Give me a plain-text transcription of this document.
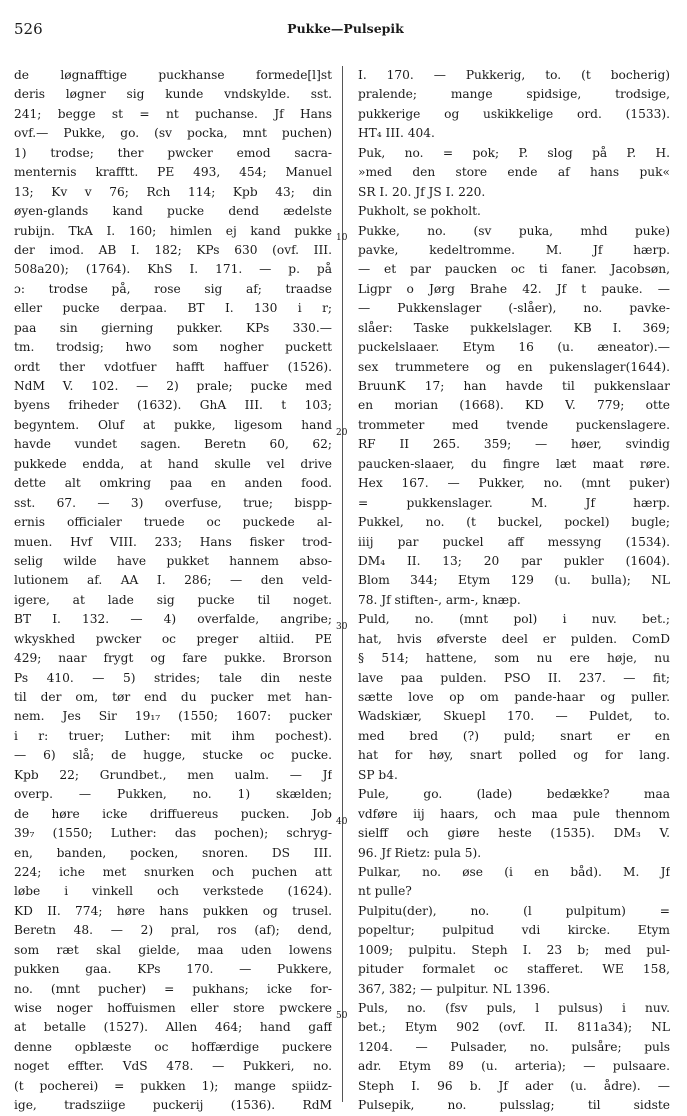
526	Pukke—Pulsepik
10
20
30
40
50
de løgnafftige puckhanse formede[l]st
deris løgner sig kunde vndskylde. sst.
241; begge st = nt puchanse. Jf Hans
ovf.— Pukke, go. (sv pocka, mnt puchen)
1) trodse; ther pwcker emod sacra-
menternis krafftt. PE 493, 454; Manuel
13; Kv v 76; Rch 114; Kpb 43; din
øyen-glands kand pucke dend ædelste
rubijn. TkA I. 160; himlen ej kand pukke
der imod. AB I. 182; KPs 630 (ovf. III.
508a20); (1764). KhS I. 171. — p. på
ɔ: trodse på, rose sig af; traadse
eller pucke derpaa. BT I. 130 i r;
paa sin gierning pukker. KPs 330.—
tm. trodsig; hwo som nogher puckett
ordt ther vdotfuer hafft haffuer (1526).
NdM V. 102. — 2) prale; pucke med
byens friheder (1632). GhA III. t 103;
begyntem. Oluf at pukke, ligesom hand
havde vundet sagen. Beretn 60, 62;
pukkede endda, at hand skulle vel drive
dette alt omkring paa en anden food.
sst. 67. — 3) overfuse, true; bispp-
ernis officialer truede oc puckede al-
muen. Hvf VIII. 233; Hans fisker trod-
selig wilde have pukket hannem abso-
lutionem af. AA I. 286; — den veld-
igere, at lade sig pucke til noget.
BT I. 132. — 4) overfalde, angribe;
wkyskhed pwcker oc preger altiid. PE
429; naar frygt og fare pukke. Brorson
Ps 410. — 5) strides; tale din neste
til der om, tør end du pucker met han-
nem. Jes Sir 19₁₇ (1550; 1607: pucker
i r: truer; Luther: mit ihm pochest).
— 6) slå; de hugge, stucke oc pucke.
Kpb 22; Grundbet., men ualm. — Jf
overp. — Pukken, no. 1) skælden;
de høre icke driffuereus pucken. Job
39₇ (1550; Luther: das pochen); schryg-
en, banden, pocken, snoren. DS III.
224; iche met snurken och puchen att
løbe i vinkell och verkstede (1624).
KD II. 774; høre hans pukken og trusel.
Beretn 48. — 2) pral, ros (af); dend,
som ræt skal gielde, maa uden lowens
pukken gaa. KPs 170. — Pukkere,
no. (mnt pucher) = pukhans; icke for-
wise noger hoffuismen eller store pwckere
at betalle (1527). Allen 464; hand gaff
denne opblæste oc hoffærdige puckere
noget effter. VdS 478. — Pukkeri, no.
(t pocherei) = pukken 1); mange spiidz-
ige, tradsziige puckerij (1536). RdM
I. 170. — Pukkerig, to. (t bocherig)
pralende; mange spidsige, trodsige,
pukkerige og uskikkelige ord. (1533).
HT₄ III. 404.
Puk, no. = pok; P. slog på P. H.
»med den store ende af hans puk«
SR I. 20. Jf JS I. 220.
Pukholt, se pokholt.
Pukke, no. (sv puka, mhd puke)
pavke, kedeltromme. M. Jf hærp.
— et par paucken oc ti faner. Jacobsøn,
Ligpr o Jørg Brahe 42. Jf t pauke. —
— Pukkenslager (-slåer), no. pavke-
slåer: Taske pukkelslager. KB I. 369;
puckelslaaer. Etym 16 (u. æneator).—
sex trummetere og en pukenslager(1644).
BruunK 17; han havde til pukkenslaar
en morian (1668). KD V. 779; otte
trommeter med tvende puckenslagere.
RF II 265. 359; — høer, svindig
paucken-slaaer, du fingre læt maat røre.
Hex 167. — Pukker, no. (mnt puker)
= pukkenslager. M. Jf hærp.
Pukkel, no. (t buckel, pockel) bugle;
iiij par puckel aff messyng (1534).
DM₄ II. 13; 20 par pukler (1604).
Blom 344; Etym 129 (u. bulla); NL
78. Jf stiften-, arm-, knæp.
Puld, no. (mnt pol) i nuv. bet.;
hat, hvis øfverste deel er pulden. ComD
§ 514; hattene, som nu ere høje, nu
lave paa pulden. PSO II. 237. — fit;
sætte love op om pande-haar og puller.
Wadskiær, Skuepl 170. — Puldet, to.
med bred (?) puld; snart er en
hat for høy, snart polled og for lang.
SP b4.
Pule, go. (lade) bedække? maa
vdføre iij haars, och maa pule thennom
sielff och giøre heste (1535). DM₃ V.
96. Jf Rietz: pula 5).
Pulkar, no. øse (i en båd). M. Jf
nt pulle?
Pulpitu(der), no. (l pulpitum) =
popeltur; pulpitud vdi kircke. Etym
1009; pulpitu. Steph I. 23 b; med pul-
pituder formalet oc stafferet. WE 158,
367, 382; — pulpitur. NL 1396.
Puls, no. (fsv puls, l pulsus) i nuv.
bet.; Etym 902 (ovf. II. 811a34); NL
1204. — Pulsader, no. pulsåre; puls
adr. Etym 89 (u. arteria); — pulsaare.
Steph I. 96 b. Jf ader (u. ådre). —
Pulsepik, no. pulsslag; til sidste
